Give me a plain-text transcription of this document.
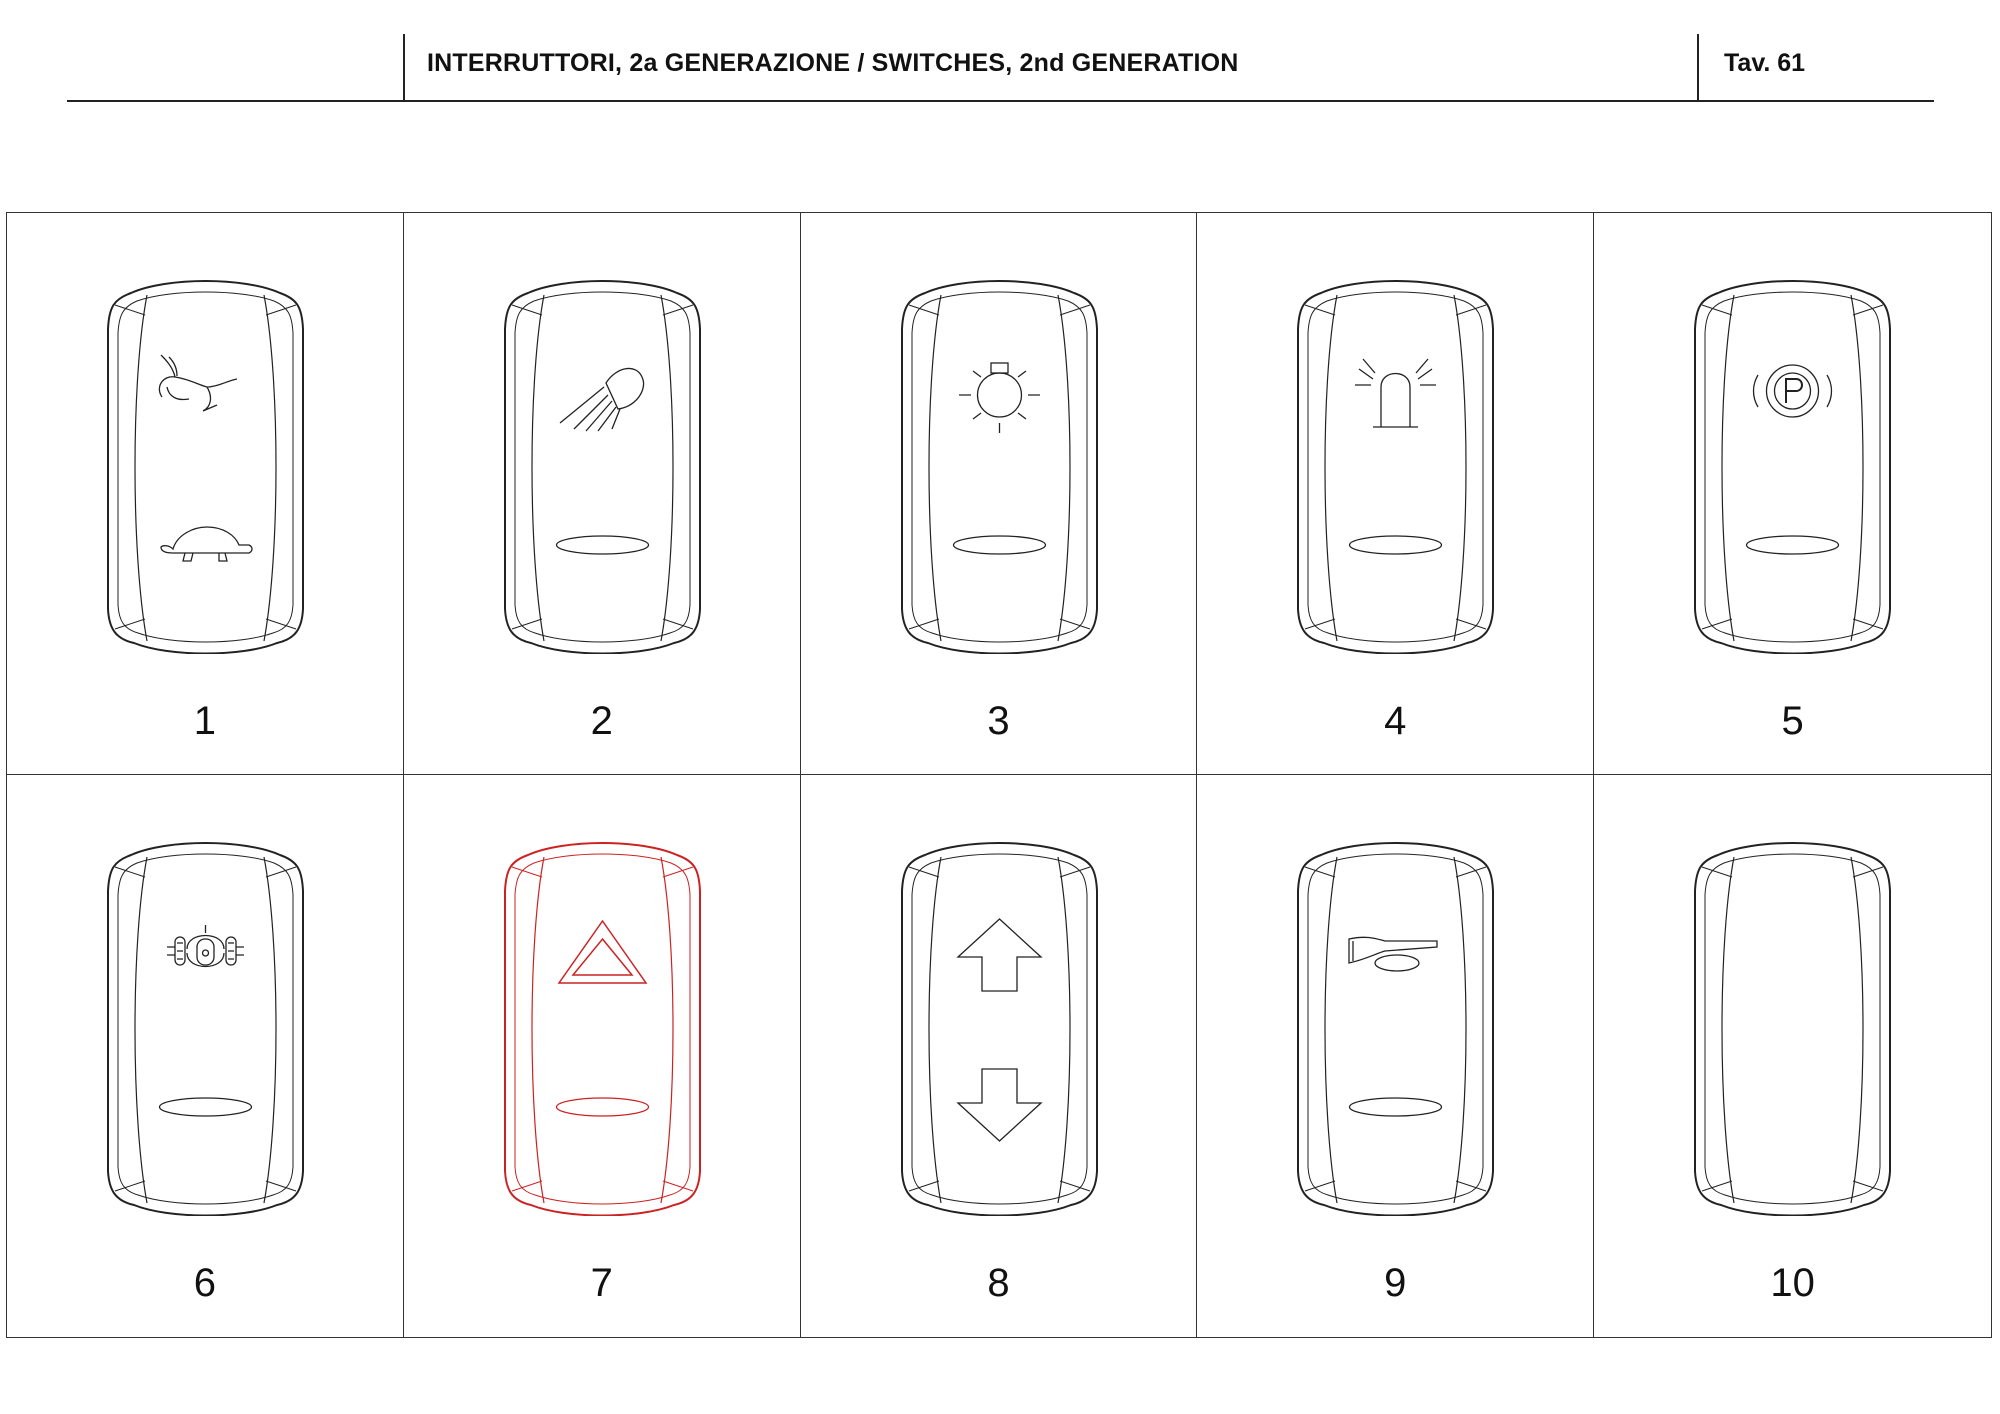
INTERRUTTORI, 2a GENERAZIONE / SWITCHES, 2nd GENERATION	Tav. 61
1	2	3	4	5
6	7	8	9	10
